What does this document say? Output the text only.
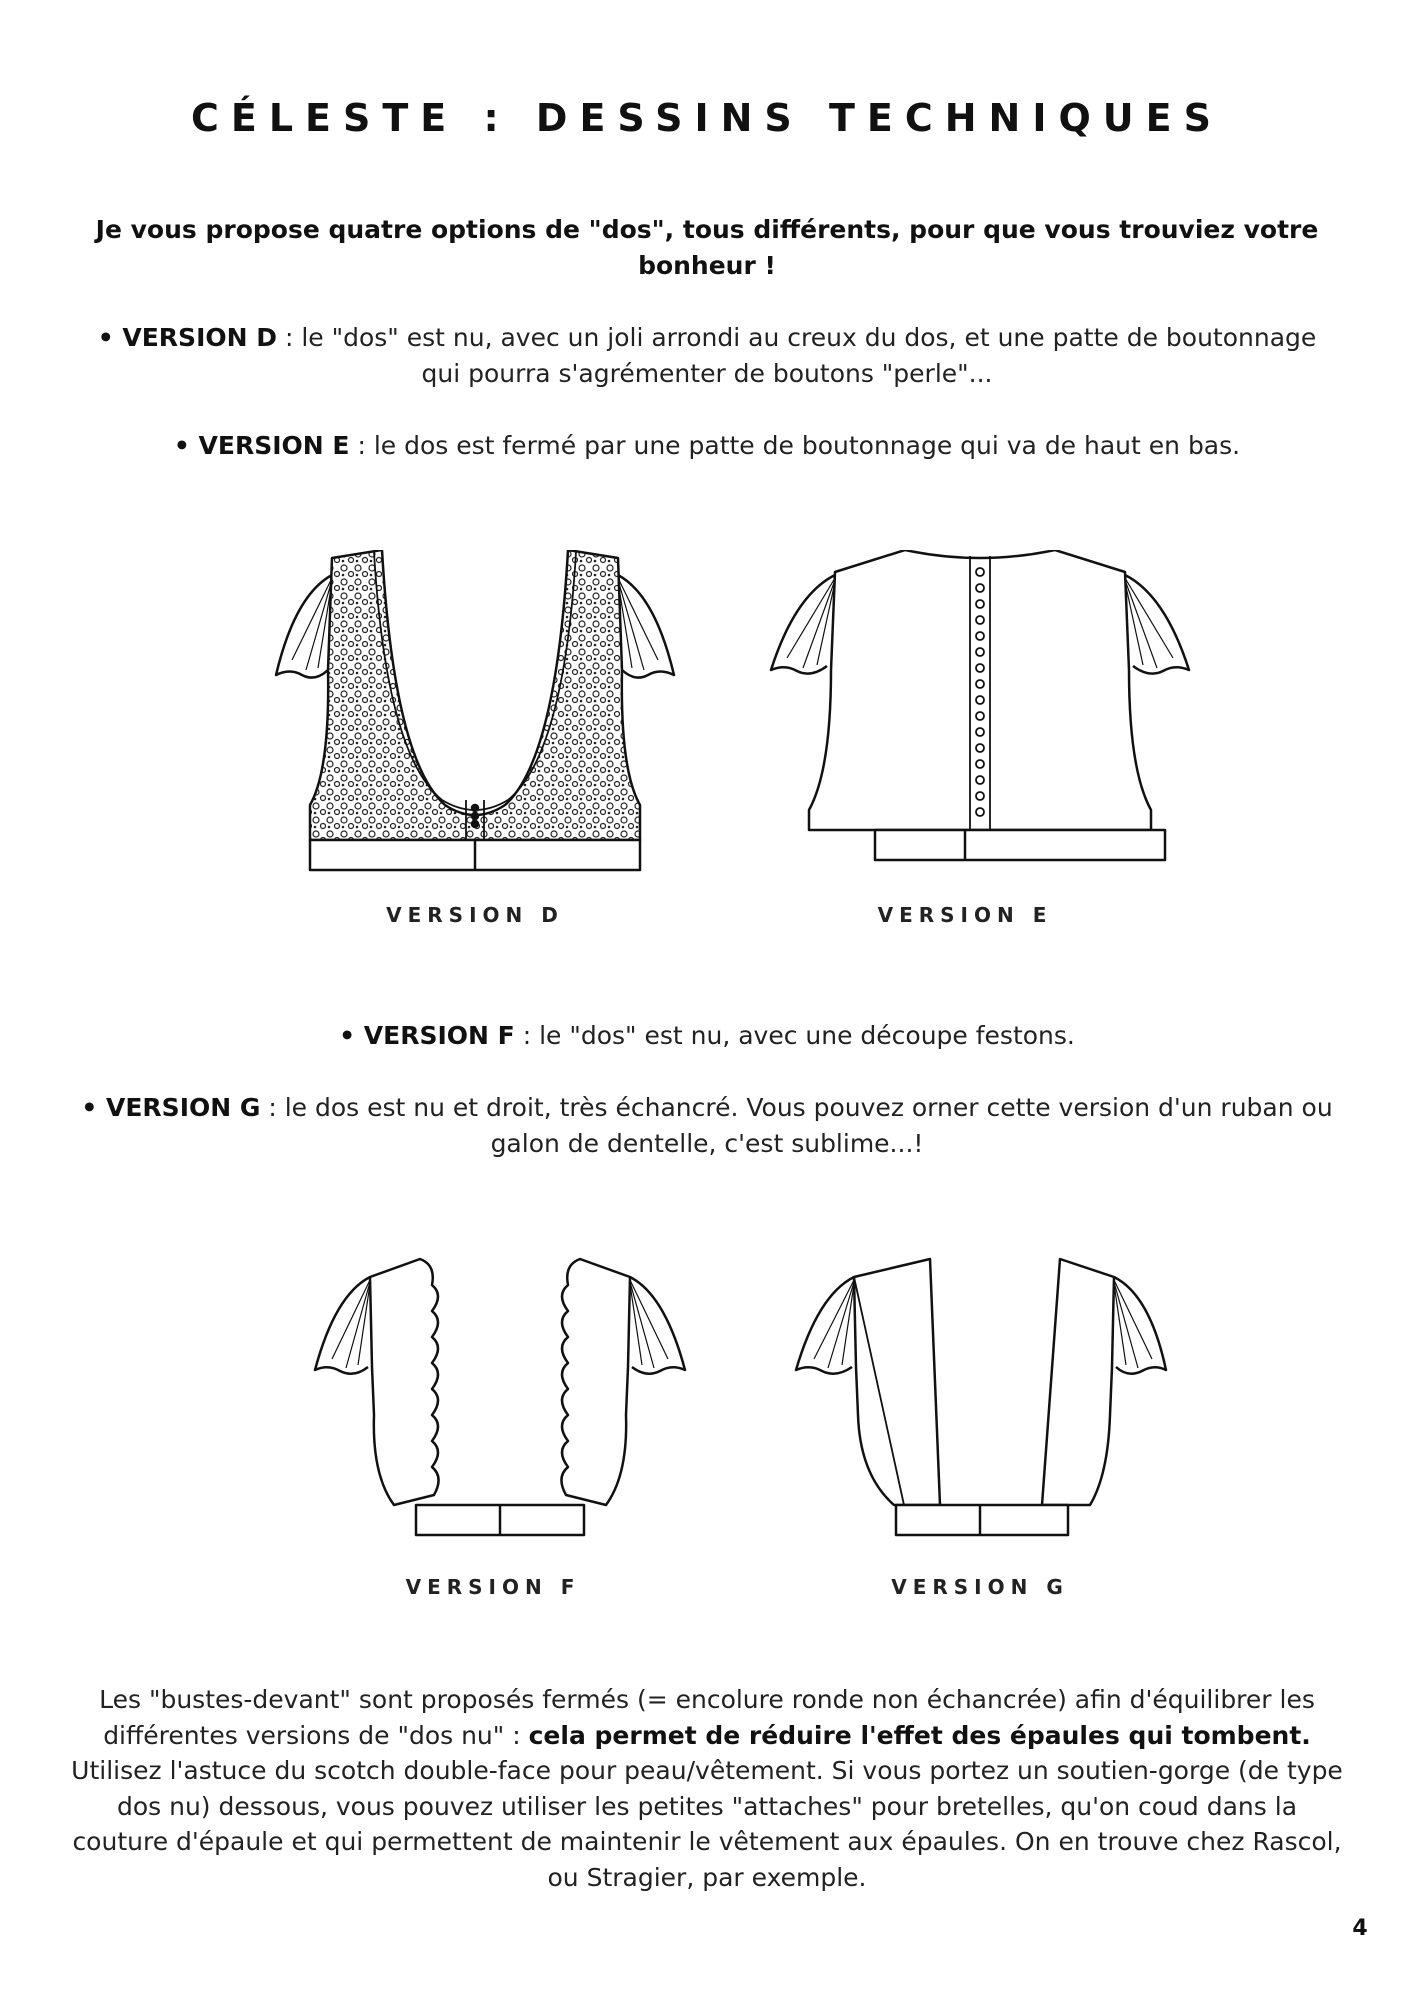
CÉLESTE : DESSINS TECHNIQUES
Je vous propose quatre options de "dos", tous différents, pour que vous trouviez votre bonheur !
• VERSION D : le "dos" est nu, avec un joli arrondi au creux du dos, et une patte de boutonnage qui pourra s'agrémenter de boutons "perle"...
• VERSION E : le dos est fermé par une patte de boutonnage qui va de haut en bas.
VERSION D	VERSION E
• VERSION F : le "dos" est nu, avec une découpe festons.
• VERSION G : le dos est nu et droit, très échancré. Vous pouvez orner cette version d'un ruban ou galon de dentelle, c'est sublime...!
VERSION F	VERSION G
Les "bustes-devant" sont proposés fermés (= encolure ronde non échancrée) afin d'équilibrer les différentes versions de "dos nu" : cela permet de réduire l'effet des épaules qui tombent. Utilisez l'astuce du scotch double-face pour peau/vêtement. Si vous portez un soutien-gorge (de type dos nu) dessous, vous pouvez utiliser les petites "attaches" pour bretelles, qu'on coud dans la couture d'épaule et qui permettent de maintenir le vêtement aux épaules. On en trouve chez Rascol, ou Stragier, par exemple.
4
